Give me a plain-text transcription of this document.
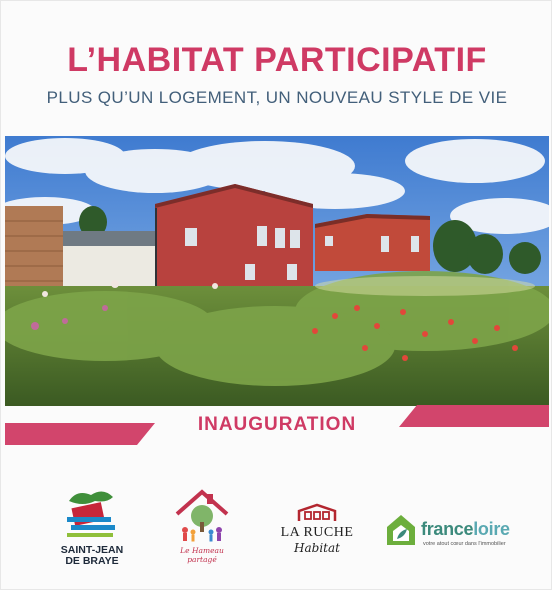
L’HABITAT PARTICIPATIF
PLUS QU’UN LOGEMENT, UN NOUVEAU STYLE DE VIE
INAUGURATION
SAINT-JEAN
DE BRAYE
Le Hameau
partagé
LA RUCHE
Habitat
franceloire
votre atout cœur dans l'immobilier
